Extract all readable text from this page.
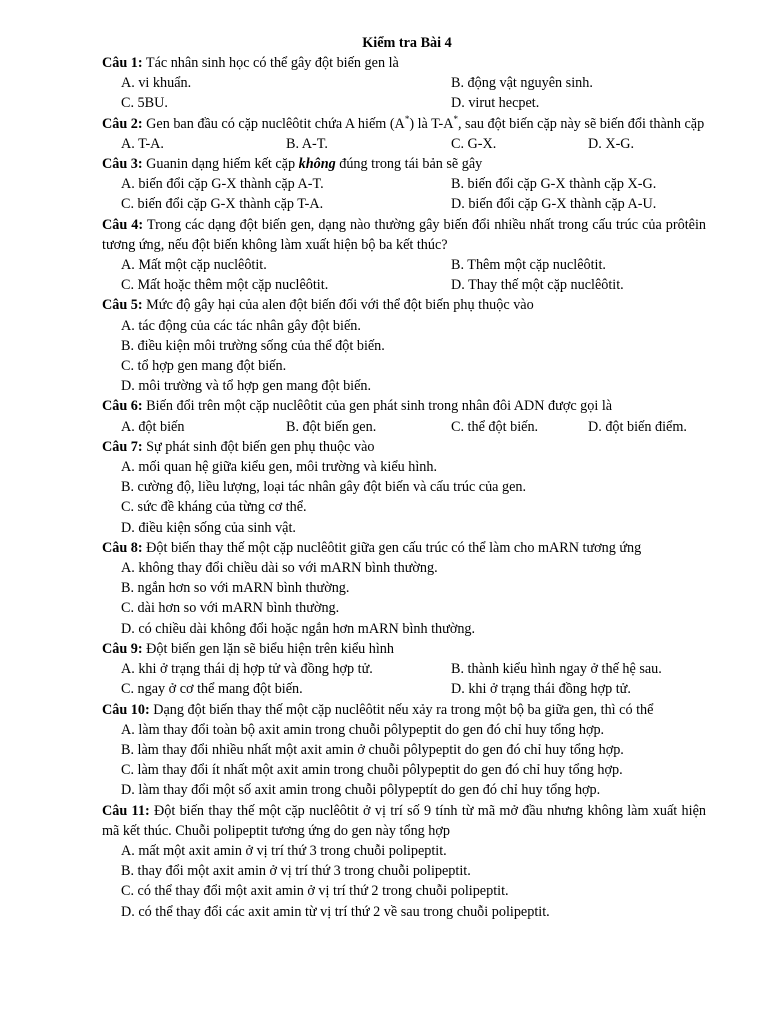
Kiểm tra Bài 4
Câu 1: Tác nhân sinh học có thể gây đột biến gen là
A. vi khuẩn.	B. động vật nguyên sinh.
C. 5BU.	D. virut hecpet.
Câu 2: Gen ban đầu có cặp nuclêôtit chứa A hiếm (A*) là T-A*, sau đột biến cặp này sẽ biến đổi thành cặp
A. T-A.	B. A-T.	C. G-X.	D. X-G.
Câu 3: Guanin dạng hiếm kết cặp không đúng trong tái bản sẽ gây
A. biến đổi cặp G-X thành cặp A-T.	B. biến đổi cặp G-X thành cặp X-G.
C. biến đổi cặp G-X thành cặp T-A.	D. biến đổi cặp G-X thành cặp A-U.
Câu 4: Trong các dạng đột biến gen, dạng nào thường gây biến đổi nhiều nhất trong cấu trúc của prôtêin tương ứng, nếu đột biến không làm xuất hiện bộ ba kết thúc?
A. Mất một cặp nuclêôtit.	B. Thêm một cặp nuclêôtit.
C. Mất hoặc thêm một cặp nuclêôtit.	D. Thay thế một cặp nuclêôtit.
Câu 5: Mức độ gây hại của alen đột biến đối với thể đột biến phụ thuộc vào
A. tác động của các tác nhân gây đột biến.
B. điều kiện môi trường sống của thể đột biến.
C. tổ hợp gen mang đột biến.
D. môi trường và tổ hợp gen mang đột biến.
Câu 6: Biến đổi trên một cặp nuclêôtit của gen phát sinh trong nhân đôi ADN được gọi là
A. đột biến	B. đột biến gen.	C. thể đột biến.	D. đột biến điểm.
Câu 7: Sự phát sinh đột biến gen phụ thuộc vào
A. mối quan hệ giữa kiểu gen, môi trường và kiểu hình.
B. cường độ, liều lượng, loại tác nhân gây đột biến và cấu trúc của gen.
C. sức đề kháng của từng cơ thể.
D. điều kiện sống của sinh vật.
Câu 8: Đột biến thay thế một cặp nuclêôtit giữa gen cấu trúc có thể làm cho mARN tương ứng
A. không thay đổi chiều dài so với mARN bình thường.
B. ngắn hơn so với mARN bình thường.
C. dài hơn so với mARN bình thường.
D. có chiều dài không đổi hoặc ngắn hơn mARN bình thường.
Câu 9: Đột biến gen lặn sẽ biểu hiện trên kiểu hình
A. khi ở trạng thái dị hợp tử và đồng hợp tử.	B. thành kiểu hình ngay ở thế hệ sau.
C. ngay ở cơ thể mang đột biến.	D. khi ở trạng thái đồng hợp tử.
Câu 10: Dạng đột biến thay thế một cặp nuclêôtit nếu xảy ra trong một bộ ba giữa gen, thì có thể
A. làm thay đổi toàn bộ axit amin trong chuỗi pôlypeptit do gen đó chỉ huy tổng hợp.
B. làm thay đổi nhiều nhất một axit amin ở chuỗi pôlypeptit do gen đó chỉ huy tổng hợp.
C. làm thay đổi ít nhất một axit amin trong chuỗi pôlypeptit do gen đó chỉ huy tổng hợp.
D. làm thay đổi một số axit amin trong chuỗi pôlypeptít do gen đó chỉ huy tổng hợp.
Câu 11: Đột biến thay thế một cặp nuclêôtit ở vị trí số 9 tính từ mã mở đầu nhưng không làm xuất hiện mã kết thúc. Chuỗi polipeptit tương ứng do gen này tổng hợp
A. mất một axit amin ở vị trí thứ 3 trong chuỗi polipeptit.
B. thay đổi một axit amin ở vị trí thứ 3 trong chuỗi polipeptit.
C. có thể thay đổi một axit amin ở vị trí thứ 2 trong chuỗi polipeptit.
D. có thể thay đổi các axit amin từ vị trí thứ 2 về sau trong chuỗi polipeptit.
